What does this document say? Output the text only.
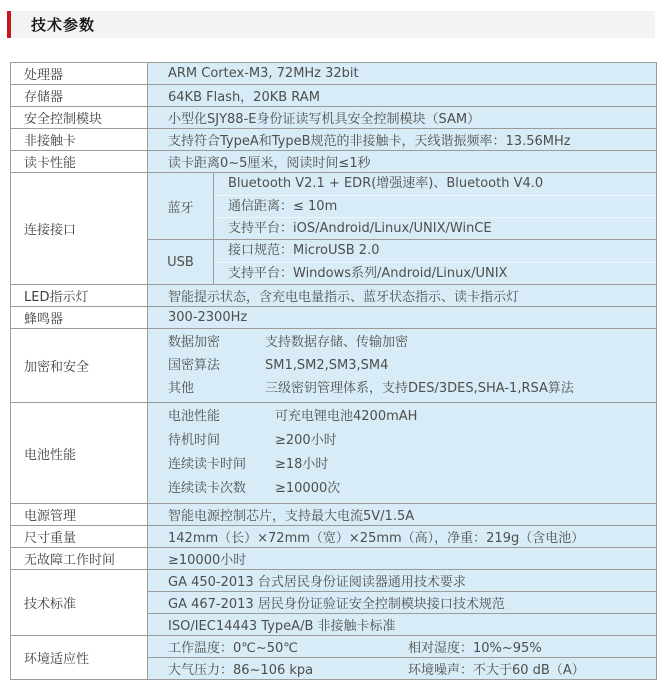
技术参数
处理器	ARM Cortex-M3, 72MHz 32bit	
存储器	64KB Flash，20KB RAM	
安全控制模块	小型化SJY88-E身份证读写机具安全控制模块（SAM）	
非接触卡	支持符合TypeA和TypeB规范的非接触卡，天线谐振频率：13.56MHz	
读卡性能	读卡距离0~5厘米，阅读时间≤1秒	
连接接口	蓝牙	Bluetooth V2.1 + EDR(增强速率)、Bluetooth V4.0
通信距离：≤ 10m
支持平台：iOS/Android/Linux/UNIX/WinCE

	USB	接口规范：MicroUSB 2.0
支持平台：Windows系列/Android/Linux/UNIX

LED指示灯	智能提示状态，含充电电量指示、蓝牙状态指示、读卡指示灯	
蜂鸣器	300-2300Hz	
加密和安全	数据加密 支持数据存储、传输加密
国密算法 SM1,SM2,SM3,SM4
其他 三级密钥管理体系，支持DES/3DES,SHA-1,RSA算法	

电池性能	电池性能 可充电锂电池4200mAH
待机时间 ≥200小时
连续读卡时间 ≥18小时
连续读卡次数 ≥10000次	

电源管理	智能电源控制芯片，支持最大电流5V/1.5A	
尺寸重量	142mm（长）×72mm（宽）×25mm（高），净重：219g（含电池）	
无故障工作时间	≥10000小时	
技术标准	GA 450-2013 台式居民身份证阅读器通用技术要求	
	GA 467-2013 居民身份证验证安全控制模块接口技术规范	
	ISO/IEC14443 TypeA/B 非接触卡标准	
环境适应性	工作温度：0℃~50℃ 相对湿度：10%~95%	
	大气压力：86~106 kpa 环境噪声：不大于60 dB（A）	
